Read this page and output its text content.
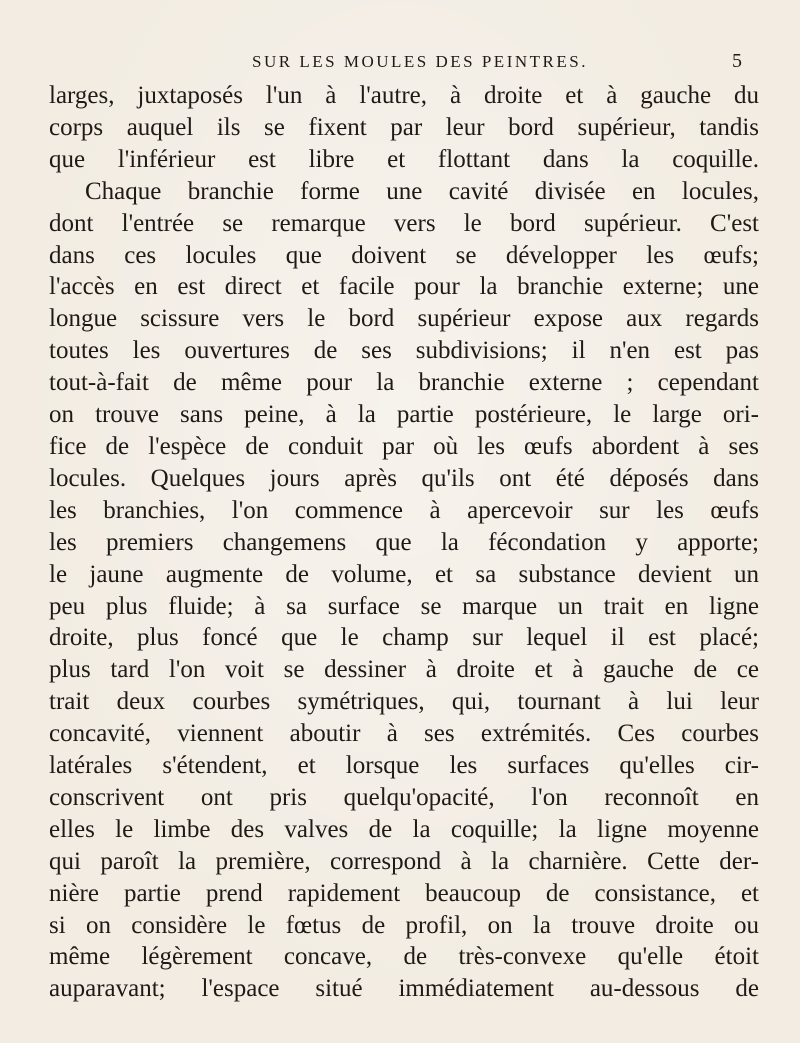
SUR LES MOULES DES PEINTRES.	5
larges, juxtaposés l'un à l'autre, à droite et à gauche du
corps auquel ils se fixent par leur bord supérieur, tandis
que l'inférieur est libre et flottant dans la coquille.
Chaque branchie forme une cavité divisée en locules,
dont l'entrée se remarque vers le bord supérieur. C'est
dans ces locules que doivent se développer les œufs;
l'accès en est direct et facile pour la branchie externe; une
longue scissure vers le bord supérieur expose aux regards
toutes les ouvertures de ses subdivisions; il n'en est pas
tout-à-fait de même pour la branchie externe ; cependant
on trouve sans peine, à la partie postérieure, le large ori-
fice de l'espèce de conduit par où les œufs abordent à ses
locules. Quelques jours après qu'ils ont été déposés dans
les branchies, l'on commence à apercevoir sur les œufs
les premiers changemens que la fécondation y apporte;
le jaune augmente de volume, et sa substance devient un
peu plus fluide; à sa surface se marque un trait en ligne
droite, plus foncé que le champ sur lequel il est placé;
plus tard l'on voit se dessiner à droite et à gauche de ce
trait deux courbes symétriques, qui, tournant à lui leur
concavité, viennent aboutir à ses extrémités. Ces courbes
latérales s'étendent, et lorsque les surfaces qu'elles cir-
conscrivent ont pris quelqu'opacité, l'on reconnoît en
elles le limbe des valves de la coquille; la ligne moyenne
qui paroît la première, correspond à la charnière. Cette der-
nière partie prend rapidement beaucoup de consistance, et
si on considère le fœtus de profil, on la trouve droite ou
même légèrement concave, de très-convexe qu'elle étoit
auparavant; l'espace situé immédiatement au-dessous de
